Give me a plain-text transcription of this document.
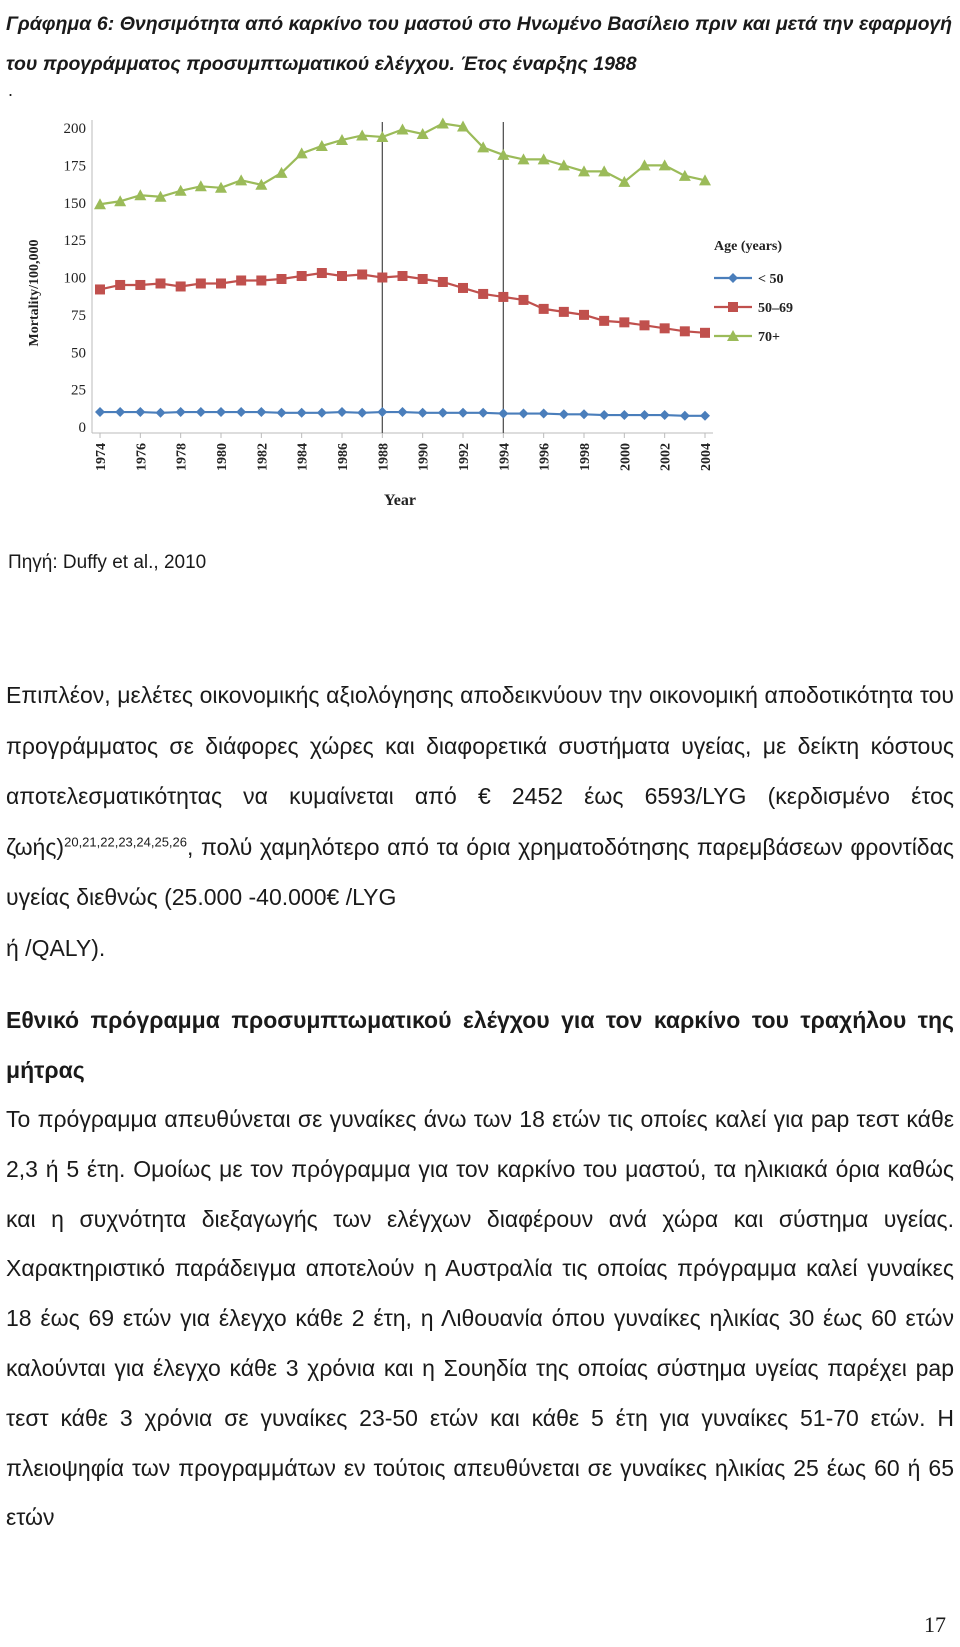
Γράφημα 6: Θνησιμότητα από καρκίνο του μαστού στο Ηνωμένο Βασίλειο πριν και μετά την εφαρμογή του προγράμματος προσυμπτωματικού ελέγχου. Έτος έναρξης 1988

.
0
25
50
75
100
125
150
175
200
1974 1976 1978 1980 1982 1984 1986 1988 1990 1992 1994 1996 1998 2000 2002 2004
Year
Mortality/100,000	Age (years)
< 50
50–69
70+
Πηγή: Duffy et al., 2010

Επιπλέον, μελέτες οικονομικής αξιολόγησης αποδεικνύουν την οικονομική αποδοτικότητα του προγράμματος σε διάφορες χώρες και διαφορετικά συστήματα υγείας, με δείκτη κόστους αποτελεσματικότητας να κυμαίνεται από € 2452 έως 6593/LYG (κερδισμένο έτος ζωής)$^{20,21,22,23,24,25,26}$, πολύ χαμηλότερο από τα όρια χρηματοδότησης παρεμβάσεων φροντίδας υγείας διεθνώς (25.000 -40.000€ /LYG
ή /QALY).

Εθνικό πρόγραμμα προσυμπτωματικού ελέγχου για τον καρκίνο του τραχήλου της μήτρας

Το πρόγραμμα απευθύνεται σε γυναίκες άνω των 18 ετών τις οποίες καλεί για pap τεστ κάθε 2,3 ή 5 έτη. Ομοίως με τον πρόγραμμα για τον καρκίνο του μαστού, τα ηλικιακά όρια καθώς και η συχνότητα διεξαγωγής των ελέγχων διαφέρουν ανά χώρα και σύστημα υγείας. Χαρακτηριστικό παράδειγμα αποτελούν η Αυστραλία τις οποίας πρόγραμμα καλεί γυναίκες 18 έως 69 ετών για έλεγχο κάθε 2 έτη, η Λιθουανία όπου γυναίκες ηλικίας 30 έως 60 ετών καλούνται για έλεγχο κάθε 3 χρόνια και η Σουηδία της οποίας σύστημα υγείας παρέχει pap τεστ κάθε 3 χρόνια σε γυναίκες 23-50 ετών και κάθε 5 έτη για γυναίκες 51-70 ετών. Η πλειοψηφία των προγραμμάτων εν τούτοις απευθύνεται σε γυναίκες ηλικίας 25 έως 60 ή 65 ετών

17
